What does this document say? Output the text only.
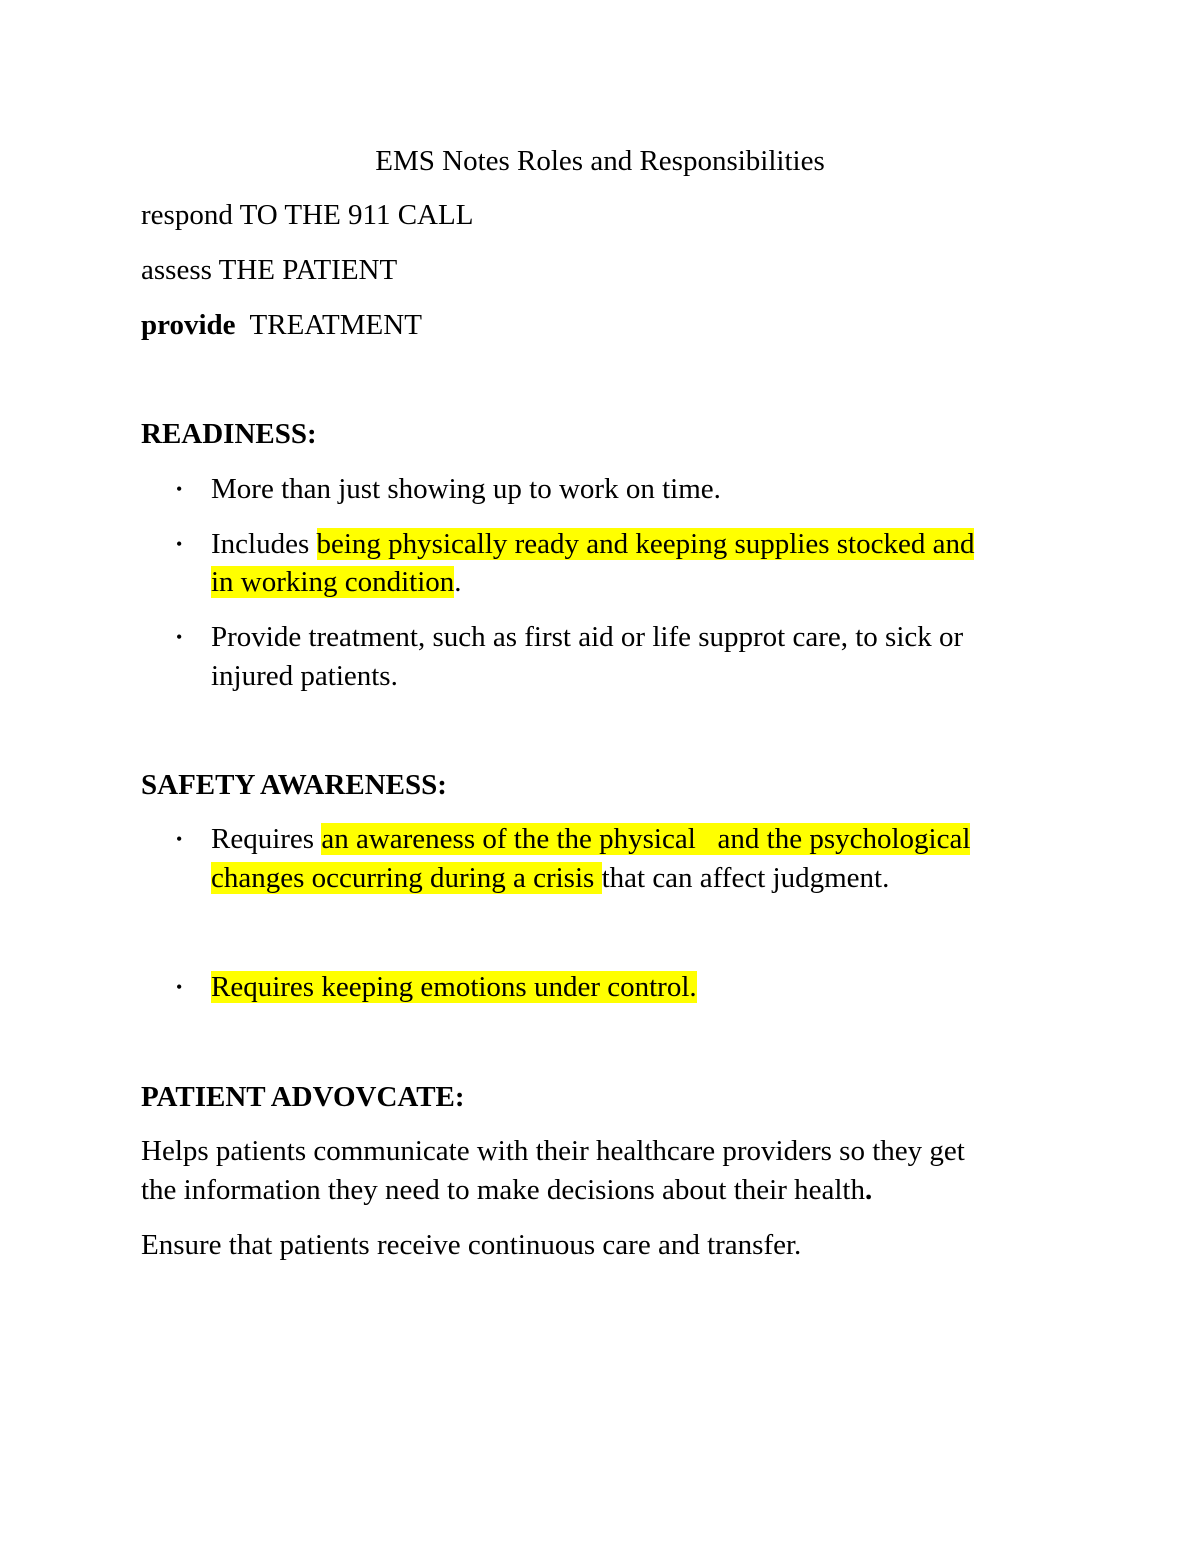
EMS Notes Roles and Responsibilities
respond TO THE 911 CALL
assess THE PATIENT
provide TREATMENT
READINESS:
• More than just showing up to work on time.
• Includes being physically ready and keeping supplies stocked and
in working condition.
• Provide treatment, such as first aid or life supprot care, to sick or
injured patients.
SAFETY AWARENESS:
• Requires an awareness of the the physical   and the psychological
changes occurring during a crisis that can affect judgment.
• Requires keeping emotions under control.
PATIENT ADVOVCATE:
Helps patients communicate with their healthcare providers so they get
the information they need to make decisions about their health.
Ensure that patients receive continuous care and transfer.
